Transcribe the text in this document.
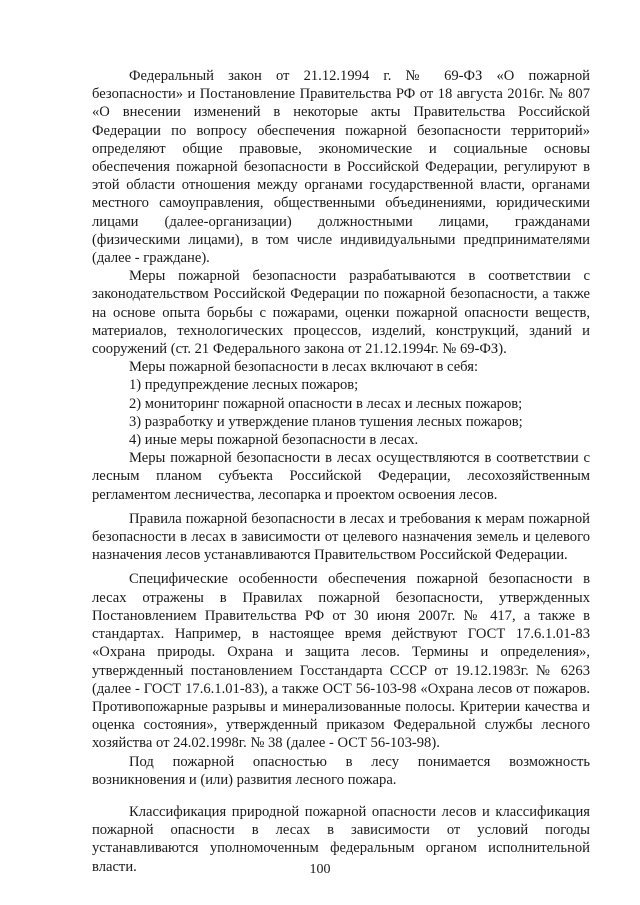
Федеральный закон от 21.12.1994 г. № 69-ФЗ «О пожарной безопасности» и Постановление Правительства РФ от 18 августа 2016г. № 807 «О внесении изменений в некоторые акты Правительства Российской Федерации по вопросу обеспечения пожарной безопасности территорий» определяют общие правовые, экономические и социальные основы обеспечения пожарной безопасности в Российской Федерации, регулируют в этой области отношения между органами государственной власти, органами местного самоуправления, общественными объединениями, юридическими лицами (далее-организации) должностными лицами, гражданами (физическими лицами), в том числе индивидуальными предпринимателями (далее - граждане).

Меры пожарной безопасности разрабатываются в соответствии с законодательством Российской Федерации по пожарной безопасности, а также на основе опыта борьбы с пожарами, оценки пожарной опасности веществ, материалов, технологических процессов, изделий, конструкций, зданий и сооружений (ст. 21 Федерального закона от 21.12.1994г. № 69-ФЗ).

Меры пожарной безопасности в лесах включают в себя:

1) предупреждение лесных пожаров;

2) мониторинг пожарной опасности в лесах и лесных пожаров;

3) разработку и утверждение планов тушения лесных пожаров;

4) иные меры пожарной безопасности в лесах.

Меры пожарной безопасности в лесах осуществляются в соответствии с лесным планом субъекта Российской Федерации, лесохозяйственным регламентом лесничества, лесопарка и проектом освоения лесов.

Правила пожарной безопасности в лесах и требования к мерам пожарной безопасности в лесах в зависимости от целевого назначения земель и целевого назначения лесов устанавливаются Правительством Российской Федерации.

Специфические особенности обеспечения пожарной безопасности в лесах отражены в Правилах пожарной безопасности, утвержденных Постановлением Правительства РФ от 30 июня 2007г. № 417, а также в стандартах. Например, в настоящее время действуют ГОСТ 17.6.1.01-83 «Охрана природы. Охрана и защита лесов. Термины и определения», утвержденный постановлением Госстандарта СССР от 19.12.1983г. № 6263 (далее - ГОСТ 17.6.1.01-83), а также ОСТ 56-103-98 «Охрана лесов от пожаров. Противопожарные разрывы и минерализованные полосы. Критерии качества и оценка состояния», утвержденный приказом Федеральной службы лесного хозяйства от 24.02.1998г. № 38 (далее - ОСТ 56-103-98).

Под пожарной опасностью в лесу понимается возможность возникновения и (или) развития лесного пожара.

Классификация природной пожарной опасности лесов и классификация пожарной опасности в лесах в зависимости от условий погоды устанавливаются уполномоченным федеральным органом исполнительной власти.	100
